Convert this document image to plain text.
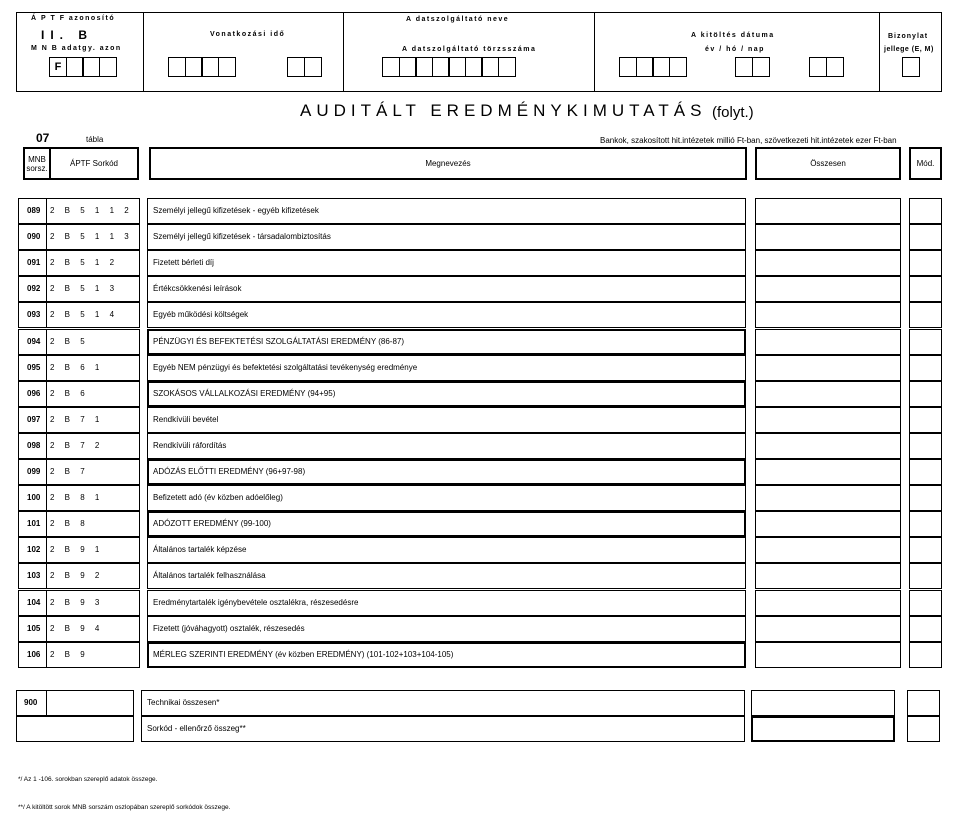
Á P T F azonosító
II. B
M N B adatgy. azon
F
Vonatkozási idő
A datszolgáltató neve
A datszolgáltató törzsszáma
A kitöltés dátuma
év / hó / nap
Bizonylat
jellege (E, M)
AUDITÁLT EREDMÉNYKIMUTATÁS (folyt.)
07	tábla	Bankok, szakosított hit.intézetek millió Ft-ban, szövetkezeti hit.intézetek ezer Ft-ban
MNB sorsz.	ÁPTF Sorkód	Megnevezés	Összesen	Mód.
089 2 B 5 1 1 2	Személyi jellegű kifizetések - egyéb kifizetések
090 2 B 5 1 1 3	Személyi jellegű kifizetések - társadalombiztosítás
091 2 B 5 1 2	Fizetett bérleti díj
092 2 B 5 1 3	Értékcsökkenési leírások
093 2 B 5 1 4	Egyéb működési költségek
094 2 B 5	PÉNZÜGYI ÉS BEFEKTETÉSI SZOLGÁLTATÁSI EREDMÉNY (86-87)
095 2 B 6 1	Egyéb NEM pénzügyi és befektetési szolgáltatási tevékenység eredménye
096 2 B 6	SZOKÁSOS VÁLLALKOZÁSI EREDMÉNY (94+95)
097 2 B 7 1	Rendkívüli bevétel
098 2 B 7 2	Rendkívüli ráfordítás
099 2 B 7	ADÓZÁS ELŐTTI EREDMÉNY (96+97-98)
100 2 B 8 1	Befizetett adó (év közben adóelőleg)
101 2 B 8	ADÓZOTT EREDMÉNY (99-100)
102 2 B 9 1	Általános tartalék képzése
103 2 B 9 2	Általános tartalék felhasználása
104 2 B 9 3	Eredménytartalék igénybevétele osztalékra, részesedésre
105 2 B 9 4	Fizetett (jóváhagyott) osztalék, részesedés
106 2 B 9	MÉRLEG SZERINTI EREDMÉNY (év közben EREDMÉNY) (101-102+103+104-105)
900	Technikai összesen*
Sorkód - ellenőrző összeg**
*/ Az 1 -106. sorokban szereplő adatok összege.
**/ A kitöltött sorok MNB sorszám oszlopában szereplő sorkódok összege.
